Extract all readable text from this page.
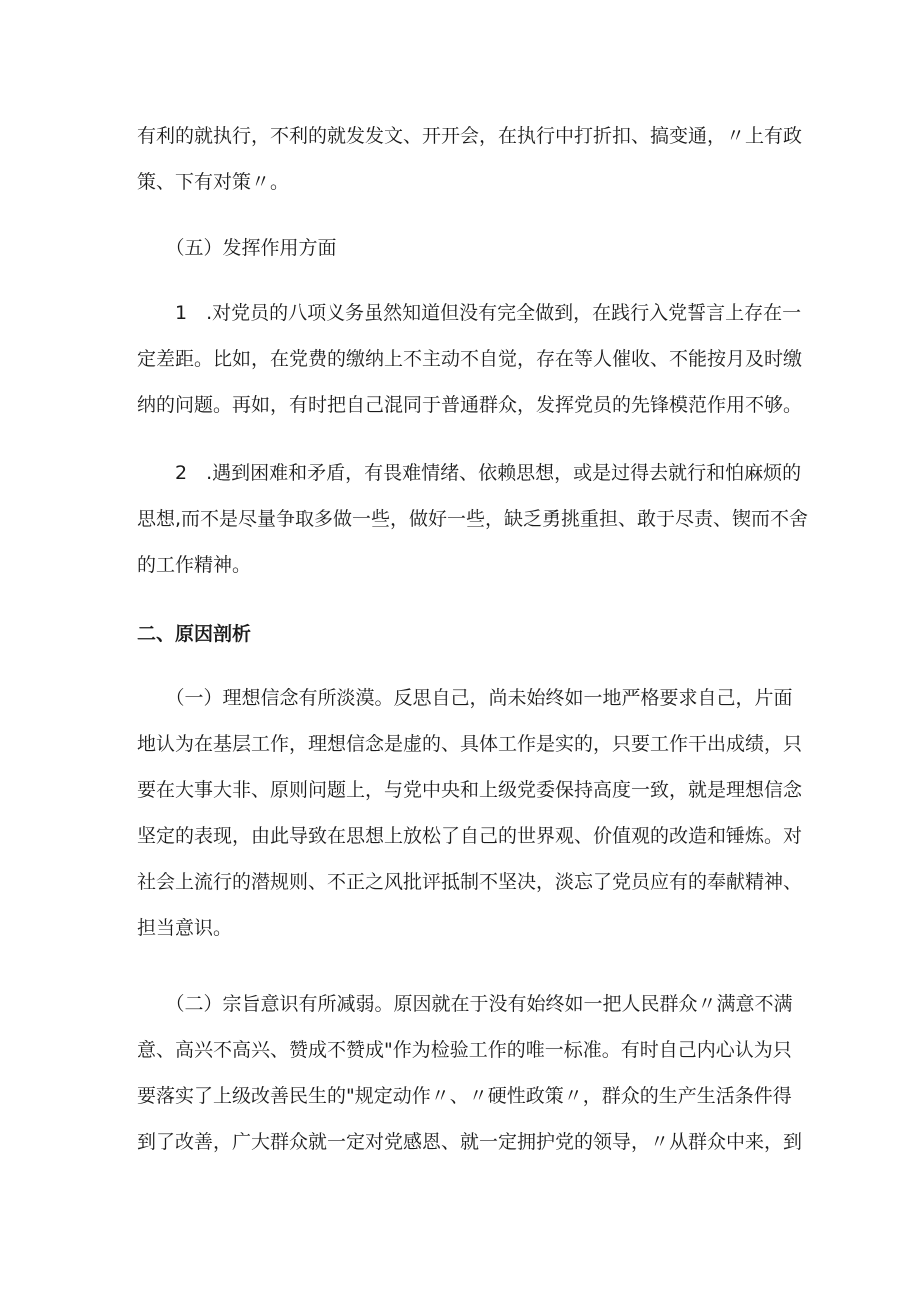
有利的就执行，不利的就发发文、开开会，在执行中打折扣、搞变通，〃上有政
策、下有对策〃。
　　（五）发挥作用方面
　　1　.对党员的八项义务虽然知道但没有完全做到，在践行入党誓言上存在一
定差距。比如，在党费的缴纳上不主动不自觉，存在等人催收、不能按月及时缴
纳的问题。再如，有时把自己混同于普通群众，发挥党员的先锋模范作用不够。
　　2　.遇到困难和矛盾，有畏难情绪、依赖思想，或是过得去就行和怕麻烦的
思想,而不是尽量争取多做一些，做好一些，缺乏勇挑重担、敢于尽责、锲而不舍
的工作精神。
二、原因剖析
　　（一）理想信念有所淡漠。反思自己，尚未始终如一地严格要求自己，片面
地认为在基层工作，理想信念是虚的、具体工作是实的，只要工作干出成绩，只
要在大事大非、原则问题上，与党中央和上级党委保持高度一致，就是理想信念
坚定的表现，由此导致在思想上放松了自己的世界观、价值观的改造和锤炼。对
社会上流行的潜规则、不正之风批评抵制不坚决，淡忘了党员应有的奉献精神、
担当意识。
　　（二）宗旨意识有所减弱。原因就在于没有始终如一把人民群众〃满意不满
意、高兴不高兴、赞成不赞成"作为检验工作的唯一标准。有时自己内心认为只
要落实了上级改善民生的"规定动作〃、〃硬性政策〃，群众的生产生活条件得
到了改善，广大群众就一定对党感恩、就一定拥护党的领导，〃从群众中来，到
